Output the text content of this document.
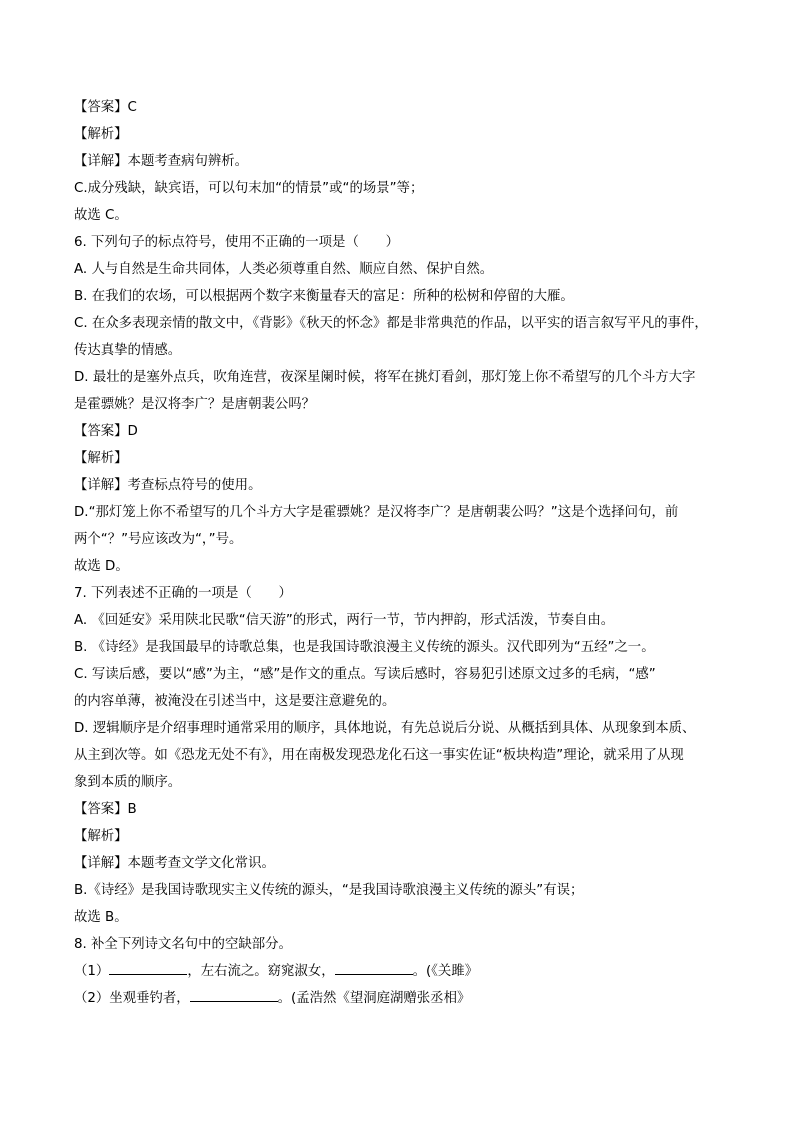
【答案】C
【解析】
【详解】本题考查病句辨析。
C.成分残缺，缺宾语，可以句末加“的情景”或“的场景”等；
故选 C。
6. 下列句子的标点符号，使用不正确的一项是（　　）
A. 人与自然是生命共同体，人类必须尊重自然、顺应自然、保护自然。
B. 在我们的农场，可以根据两个数字来衡量春天的富足：所种的松树和停留的大雁。
C. 在众多表现亲情的散文中，《背影》《秋天的怀念》都是非常典范的作品，以平实的语言叙写平凡的事件，
传达真挚的情感。
D. 最壮的是塞外点兵，吹角连营，夜深星阑时候，将军在挑灯看剑，那灯笼上你不希望写的几个斗方大字
是霍骠姚？是汉将李广？是唐朝裴公吗？
【答案】D
【解析】
【详解】考查标点符号的使用。
D.“那灯笼上你不希望写的几个斗方大字是霍骠姚？是汉将李广？是唐朝裴公吗？”这是个选择问句，前
两个“？”号应该改为“，”号。
故选 D。
7. 下列表述不正确的一项是（　　）
A. 《回延安》采用陕北民歌“信天游”的形式，两行一节，节内押韵，形式活泼，节奏自由。
B. 《诗经》是我国最早的诗歌总集，也是我国诗歌浪漫主义传统的源头。汉代即列为“五经”之一。
C. 写读后感，要以“感”为主，“感”是作文的重点。写读后感时，容易犯引述原文过多的毛病，“感”
的内容单薄，被淹没在引述当中，这是要注意避免的。
D. 逻辑顺序是介绍事理时通常采用的顺序，具体地说，有先总说后分说、从概括到具体、从现象到本质、
从主到次等。如《恐龙无处不有》，用在南极发现恐龙化石这一事实佐证“板块构造”理论，就采用了从现
象到本质的顺序。
【答案】B
【解析】
【详解】本题考查文学文化常识。
B.《诗经》是我国诗歌现实主义传统的源头，“是我国诗歌浪漫主义传统的源头”有误；
故选 B。
8. 补全下列诗文名句中的空缺部分。
（1）	，左右流之。窈窕淑女，	。(《关雎》
（2）坐观垂钓者，	。(孟浩然《望洞庭湖赠张丞相》
